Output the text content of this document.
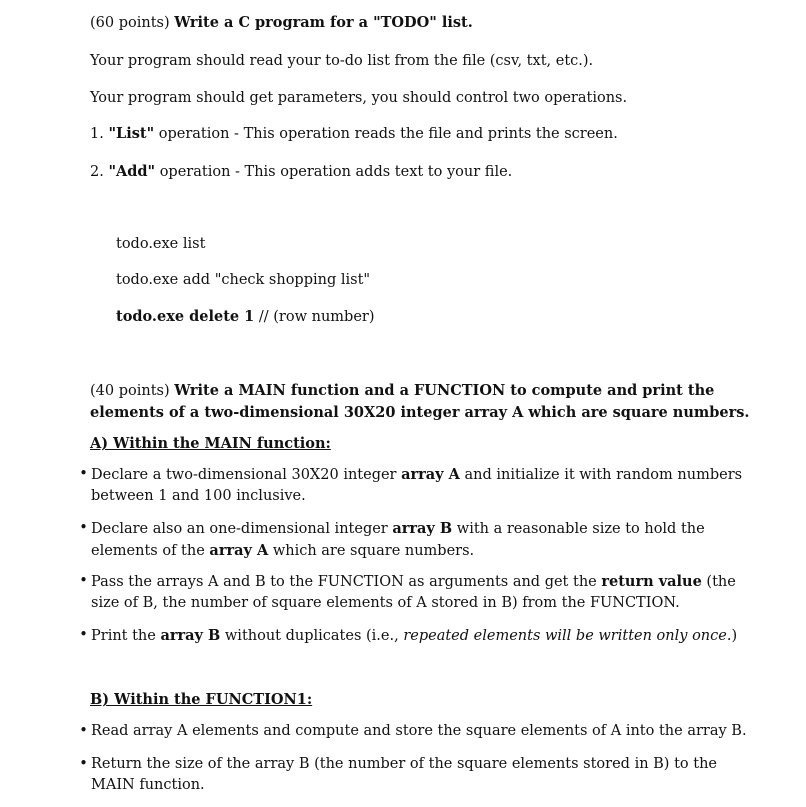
(60 points) Write a C program for a "TODO" list.

Your program should read your to-do list from the file (csv, txt, etc.).

Your program should get parameters, you should control two operations.

1. "List" operation - This operation reads the file and prints the screen.

2. "Add" operation - This operation adds text to your file.

todo.exe list

todo.exe add "check shopping list"

todo.exe delete 1 // (row number)

(40 points) Write a MAIN function and a FUNCTION to compute and print the elements of a two-dimensional 30X20 integer array A which are square numbers.

A) Within the MAIN function:

• Declare a two-dimensional 30X20 integer array A and initialize it with random numbers between 1 and 100 inclusive.
• Declare also an one-dimensional integer array B with a reasonable size to hold the elements of the array A which are square numbers.
• Pass the arrays A and B to the FUNCTION as arguments and get the return value (the size of B, the number of square elements of A stored in B) from the FUNCTION.
• Print the array B without duplicates (i.e., repeated elements will be written only once.)

B) Within the FUNCTION1:

• Read array A elements and compute and store the square elements of A into the array B.
• Return the size of the array B (the number of the square elements stored in B) to the MAIN function.
